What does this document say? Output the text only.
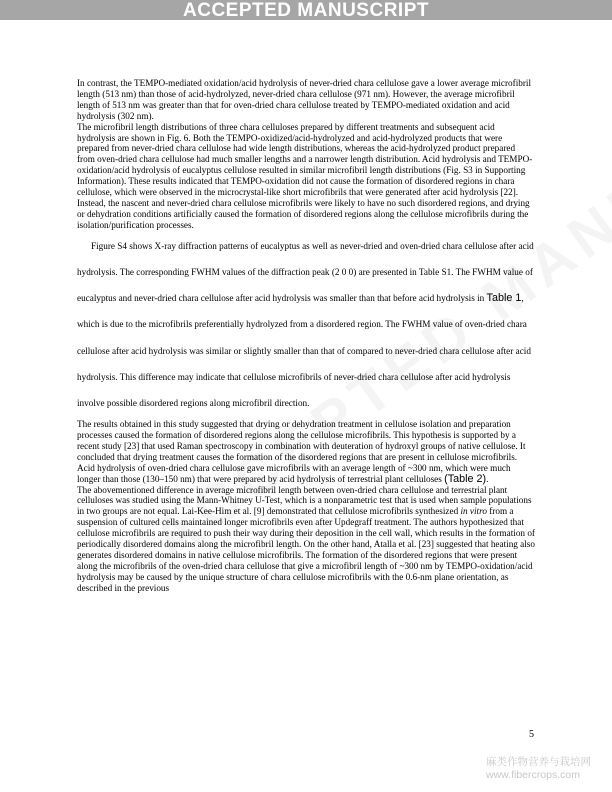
ACCEPTED MANUSCRIPT

In contrast, the TEMPO-mediated oxidation/acid hydrolysis of never-dried chara cellulose gave a lower average microfibril length (513 nm) than those of acid-hydrolyzed, never-dried chara cellulose (971 nm). However, the average microfibril length of 513 nm was greater than that for oven-dried chara cellulose treated by TEMPO-mediated oxidation and acid hydrolysis (302 nm).

The microfibril length distributions of three chara celluloses prepared by different treatments and subsequent acid hydrolysis are shown in Fig. 6. Both the TEMPO-oxidized/acid-hydrolyzed and acid-hydrolyzed products that were prepared from never-dried chara cellulose had wide length distributions, whereas the acid-hydrolyzed product prepared from oven-dried chara cellulose had much smaller lengths and a narrower length distribution. Acid hydrolysis and TEMPO-oxidation/acid hydrolysis of eucalyptus cellulose resulted in similar microfibril length distributions (Fig. S3 in Supporting Information). These results indicated that TEMPO-oxidation did not cause the formation of disordered regions in chara cellulose, which were observed in the microcrystal-like short microfibrils that were generated after acid hydrolysis [22]. Instead, the nascent and never-dried chara cellulose microfibrils were likely to have no such disordered regions, and drying or dehydration conditions artificially caused the formation of disordered regions along the cellulose microfibrils during the isolation/purification processes.

Figure S4 shows X-ray diffraction patterns of eucalyptus as well as never-dried and oven-dried chara cellulose after acid hydrolysis. The corresponding FWHM values of the diffraction peak (2 0 0) are presented in Table S1. The FWHM value of eucalyptus and never-dried chara cellulose after acid hydrolysis was smaller than that before acid hydrolysis in Table 1, which is due to the microfibrils preferentially hydrolyzed from a disordered region. The FWHM value of oven-dried chara cellulose after acid hydrolysis was similar or slightly smaller than that of compared to never-dried chara cellulose after acid hydrolysis. This difference may indicate that cellulose microfibrils of never-dried chara cellulose after acid hydrolysis involve possible disordered regions along microfibril direction.

The results obtained in this study suggested that drying or dehydration treatment in cellulose isolation and preparation processes caused the formation of disordered regions along the cellulose microfibrils. This hypothesis is supported by a recent study [23] that used Raman spectroscopy in combination with deuteration of hydroxyl groups of native cellulose. It concluded that drying treatment causes the formation of the disordered regions that are present in cellulose microfibrils. Acid hydrolysis of oven-dried chara cellulose gave microfibrils with an average length of ~300 nm, which were much longer than those (130–150 nm) that were prepared by acid hydrolysis of terrestrial plant celluloses (Table 2).

The abovementioned difference in average microfibril length between oven-dried chara cellulose and terrestrial plant celluloses was studied using the Mann-Whitney U-Test, which is a nonparametric test that is used when sample populations in two groups are not equal. Lai-Kee-Him et al. [9] demonstrated that cellulose microfibrils synthesized in vitro from a suspension of cultured cells maintained longer microfibrils even after Updegraff treatment. The authors hypothesized that cellulose microfibrils are required to push their way during their deposition in the cell wall, which results in the formation of periodically disordered domains along the microfibril length. On the other hand, Atalla et al. [23] suggested that heating also generates disordered domains in native cellulose microfibrils. The formation of the disordered regions that were present along the microfibrils of the oven-dried chara cellulose that give a microfibril length of ~300 nm by TEMPO-oxidation/acid hydrolysis may be caused by the unique structure of chara cellulose microfibrils with the 0.6-nm plane orientation, as described in the previous

5
麻类作物营养与栽培网
www.fibercrops.com
